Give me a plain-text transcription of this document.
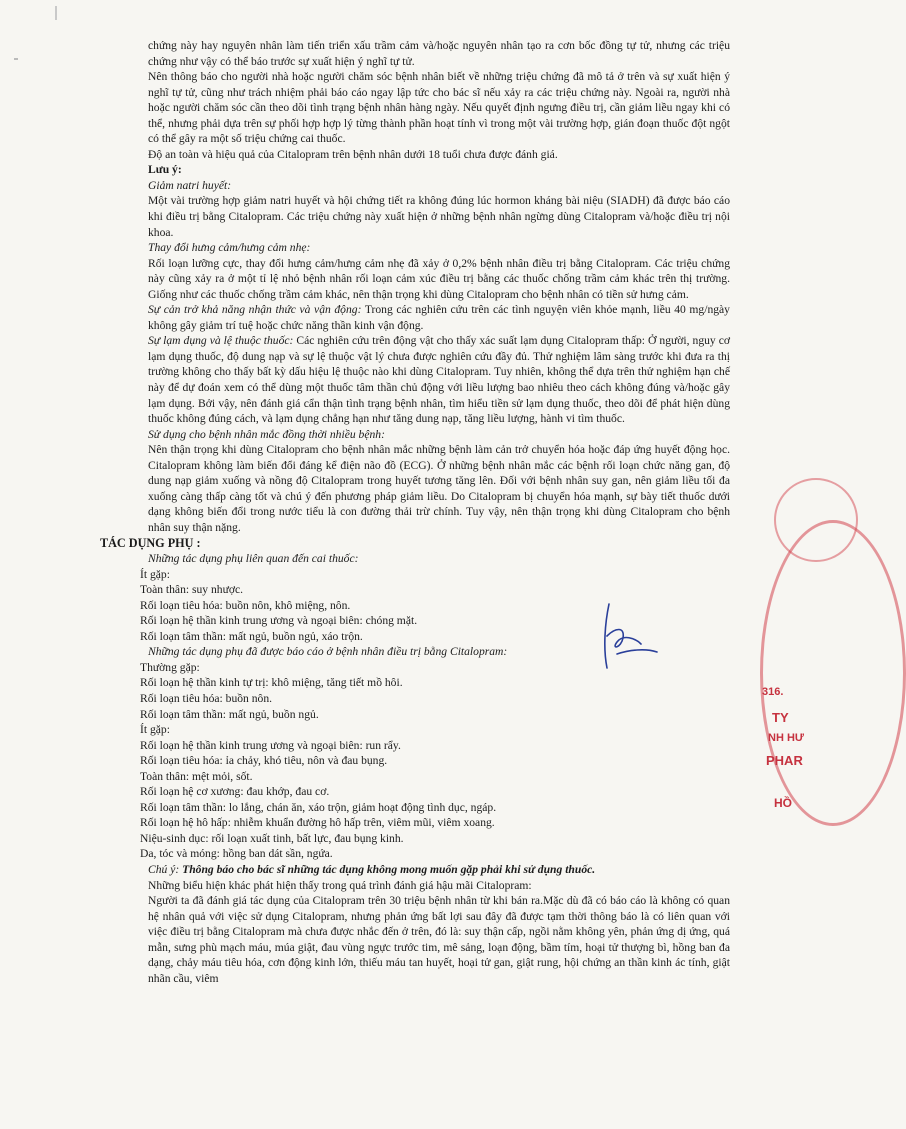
chứng này hay nguyên nhân làm tiến triển xấu trầm cảm và/hoặc nguyên nhân tạo ra cơn bốc đồng tự tử, nhưng các triệu chứng như vậy có thể báo trước sự xuất hiện ý nghĩ tự tử.

Nên thông báo cho người nhà hoặc người chăm sóc bệnh nhân biết về những triệu chứng đã mô tả ở trên và sự xuất hiện ý nghĩ tự tử, cũng như trách nhiệm phải báo cáo ngay lập tức cho bác sĩ nếu xảy ra các triệu chứng này. Ngoài ra, người nhà hoặc người chăm sóc cần theo dõi tình trạng bệnh nhân hàng ngày. Nếu quyết định ngưng điều trị, cần giảm liều ngay khi có thể, nhưng phải dựa trên sự phối hợp hợp lý từng thành phần hoạt tính vì trong một vài trường hợp, gián đoạn thuốc đột ngột có thể gây ra một số triệu chứng cai thuốc.

Độ an toàn và hiệu quả của Citalopram trên bệnh nhân dưới 18 tuổi chưa được đánh giá.

Lưu ý:

Giảm natri huyết:

Một vài trường hợp giảm natri huyết và hội chứng tiết ra không đúng lúc hormon kháng bài niệu (SIADH) đã được báo cáo khi điều trị bằng Citalopram. Các triệu chứng này xuất hiện ở những bệnh nhân ngừng dùng Citalopram và/hoặc điều trị nội khoa.

Thay đổi hưng cảm/hưng cảm nhẹ:

Rối loạn lưỡng cực, thay đổi hưng cảm/hưng cảm nhẹ đã xảy ở 0,2% bệnh nhân điều trị bằng Citalopram. Các triệu chứng này cũng xảy ra ở một tỉ lệ nhỏ bệnh nhân rối loạn cảm xúc điều trị bằng các thuốc chống trầm cảm khác trên thị trường. Giống như các thuốc chống trầm cảm khác, nên thận trọng khi dùng Citalopram cho bệnh nhân có tiền sử hưng cảm.

Sự cản trở khả năng nhận thức và vận động: Trong các nghiên cứu trên các tình nguyện viên khỏe mạnh, liều 40 mg/ngày không gây giảm trí tuệ hoặc chức năng thần kinh vận động.

Sự lạm dụng và lệ thuộc thuốc: Các nghiên cứu trên động vật cho thấy xác suất lạm dụng Citalopram thấp: Ở người, nguy cơ lạm dụng thuốc, độ dung nạp và sự lệ thuộc vật lý chưa được nghiên cứu đầy đủ. Thử nghiệm lâm sàng trước khi đưa ra thị trường không cho thấy bất kỳ dấu hiệu lệ thuộc nào khi dùng Citalopram. Tuy nhiên, không thể dựa trên thử nghiệm hạn chế này để dự đoán xem có thể dùng một thuốc tâm thần chủ động với liều lượng bao nhiêu theo cách không đúng và/hoặc gây lạm dụng. Bởi vậy, nên đánh giá cẩn thận tình trạng bệnh nhân, tìm hiểu tiền sử lạm dụng thuốc, theo dõi để phát hiện dùng thuốc không đúng cách, và lạm dụng chẳng hạn như tăng dung nạp, tăng liều lượng, hành vi tìm thuốc.

Sử dụng cho bệnh nhân mắc đồng thời nhiều bệnh:

Nên thận trọng khi dùng Citalopram cho bệnh nhân mắc những bệnh làm cản trở chuyển hóa hoặc đáp ứng huyết động học. Citalopram không làm biến đổi đáng kể điện não đồ (ECG). Ở những bệnh nhân mắc các bệnh rối loạn chức năng gan, độ dung nạp giảm xuống và nồng độ Citalopram trong huyết tương tăng lên. Đối với bệnh nhân suy gan, nên giảm liều tối đa xuống càng thấp càng tốt và chú ý đến phương pháp giảm liều. Do Citalopram bị chuyển hóa mạnh, sự bày tiết thuốc dưới dạng không biến đổi trong nước tiểu là con đường thải trừ chính. Tuy vậy, nên thận trọng khi dùng Citalopram cho bệnh nhân suy thận nặng.

TÁC DỤNG PHỤ :

Những tác dụng phụ liên quan đến cai thuốc:

Ít gặp:
Toàn thân: suy nhược.
Rối loạn tiêu hóa: buồn nôn, khô miệng, nôn.
Rối loạn hệ thần kinh trung ương và ngoại biên: chóng mặt.
Rối loạn tâm thần: mất ngủ, buồn ngủ, xáo trộn.

Những tác dụng phụ đã được báo cáo ở bệnh nhân điều trị bằng Citalopram:

Thường gặp:
Rối loạn hệ thần kinh tự trị: khô miệng, tăng tiết mồ hôi.
Rối loạn tiêu hóa: buồn nôn.
Rối loạn tâm thần: mất ngủ, buồn ngủ.
Ít gặp:
Rối loạn hệ thần kinh trung ương và ngoại biên: run rẩy.
Rối loạn tiêu hóa: ỉa chảy, khó tiêu, nôn và đau bụng.
Toàn thân: mệt mỏi, sốt.
Rối loạn hệ cơ xương: đau khớp, đau cơ.
Rối loạn tâm thần: lo lắng, chán ăn, xáo trộn, giảm hoạt động tình dục, ngáp.
Rối loạn hệ hô hấp: nhiễm khuẩn đường hô hấp trên, viêm mũi, viêm xoang.
Niệu-sinh dục: rối loạn xuất tinh, bất lực, đau bụng kinh.
Da, tóc và móng: hồng ban dát sần, ngứa.

Chú ý: Thông báo cho bác sĩ những tác dụng không mong muốn gặp phải khi sử dụng thuốc.

Những biểu hiện khác phát hiện thấy trong quá trình đánh giá hậu mãi Citalopram:

Người ta đã đánh giá tác dụng của Citalopram trên 30 triệu bệnh nhân từ khi bán ra.Mặc dù đã có báo cáo là không có quan hệ nhân quả với việc sử dụng Citalopram, nhưng phản ứng bất lợi sau đây đã được tạm thời thông báo là có liên quan với việc điều trị bằng Citalopram mà chưa được nhắc đến ở trên, đó là: suy thận cấp, ngồi nằm không yên, phản ứng dị ứng, quá mẫn, sưng phù mạch máu, múa giật, đau vùng ngực trước tim, mê sảng, loạn động, bầm tím, hoại tử thượng bì, hồng ban đa dạng, chảy máu tiêu hóa, cơn động kinh lớn, thiếu máu tan huyết, hoại tử gan, giật rung, hội chứng an thần kinh ác tính, giật nhãn cầu, viêm

316.
TY
NH HƯ
PHAR
HỒ
